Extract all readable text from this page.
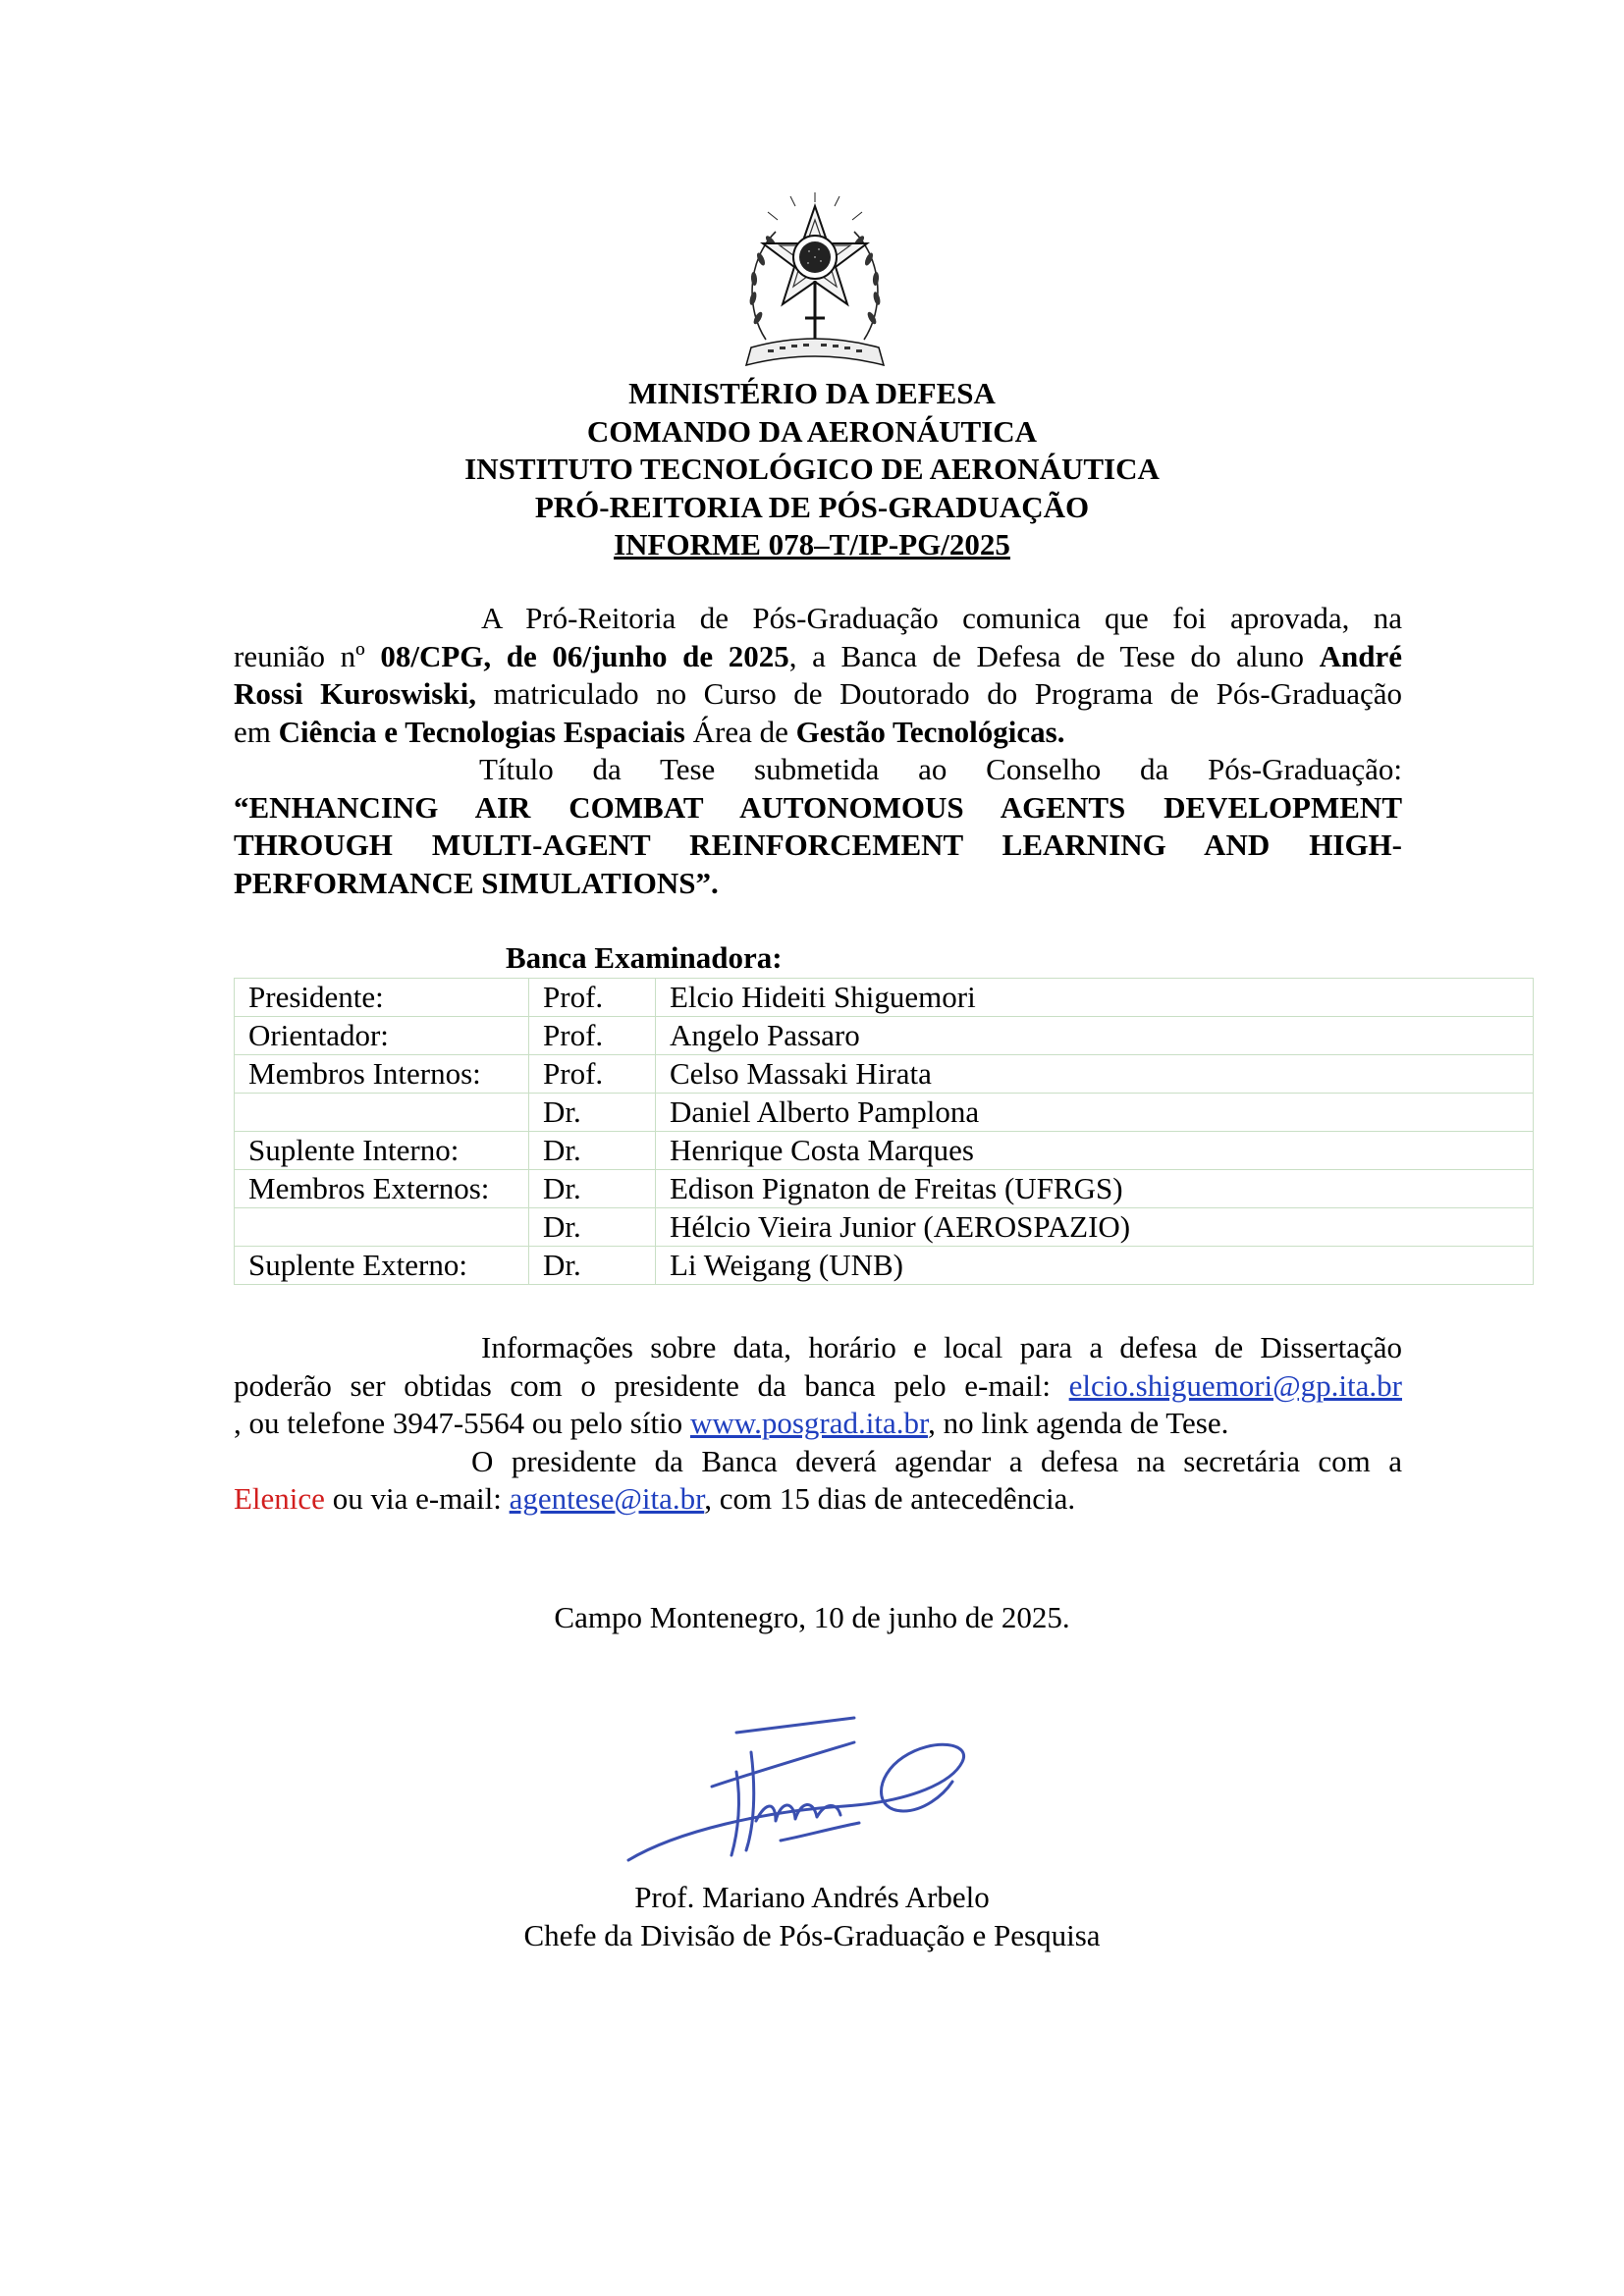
MINISTÉRIO DA DEFESA
COMANDO DA AERONÁUTICA
INSTITUTO TECNOLÓGICO DE AERONÁUTICA
PRÓ-REITORIA DE PÓS-GRADUAÇÃO
INFORME 078–T/IP-PG/2025
A Pró-Reitoria de Pós-Graduação comunica que foi aprovada, na
reunião nº 08/CPG, de 06/junho de 2025, a Banca de Defesa de Tese do aluno André
Rossi Kuroswiski, matriculado no Curso de Doutorado do Programa de Pós-Graduação
em Ciência e Tecnologias Espaciais Área de Gestão Tecnológicas.
Título da Tese submetida ao Conselho da Pós-Graduação:
“ENHANCING AIR COMBAT AUTONOMOUS AGENTS DEVELOPMENT
THROUGH MULTI-AGENT REINFORCEMENT LEARNING AND HIGH-
PERFORMANCE SIMULATIONS”.
Banca Examinadora:
Presidente:	Prof.	Elcio Hideiti Shiguemori
Orientador:	Prof.	Angelo Passaro
Membros Internos:	Prof.	Celso Massaki Hirata
	Dr.	Daniel Alberto Pamplona
Suplente Interno:	Dr.	Henrique Costa Marques
Membros Externos:	Dr.	Edison Pignaton de Freitas (UFRGS)
	Dr.	Hélcio Vieira Junior (AEROSPAZIO)
Suplente Externo:	Dr.	Li Weigang (UNB)
Informações sobre data, horário e local para a defesa de Dissertação
poderão ser obtidas com o presidente da banca pelo e-mail: elcio.shiguemori@gp.ita.br
, ou telefone 3947-5564 ou pelo sítio www.posgrad.ita.br, no link agenda de Tese.
O presidente da Banca deverá agendar a defesa na secretária com a
Elenice ou via e-mail: agentese@ita.br, com 15 dias de antecedência.
Campo Montenegro, 10 de junho de 2025.
Prof. Mariano Andrés Arbelo
Chefe da Divisão de Pós-Graduação e Pesquisa
